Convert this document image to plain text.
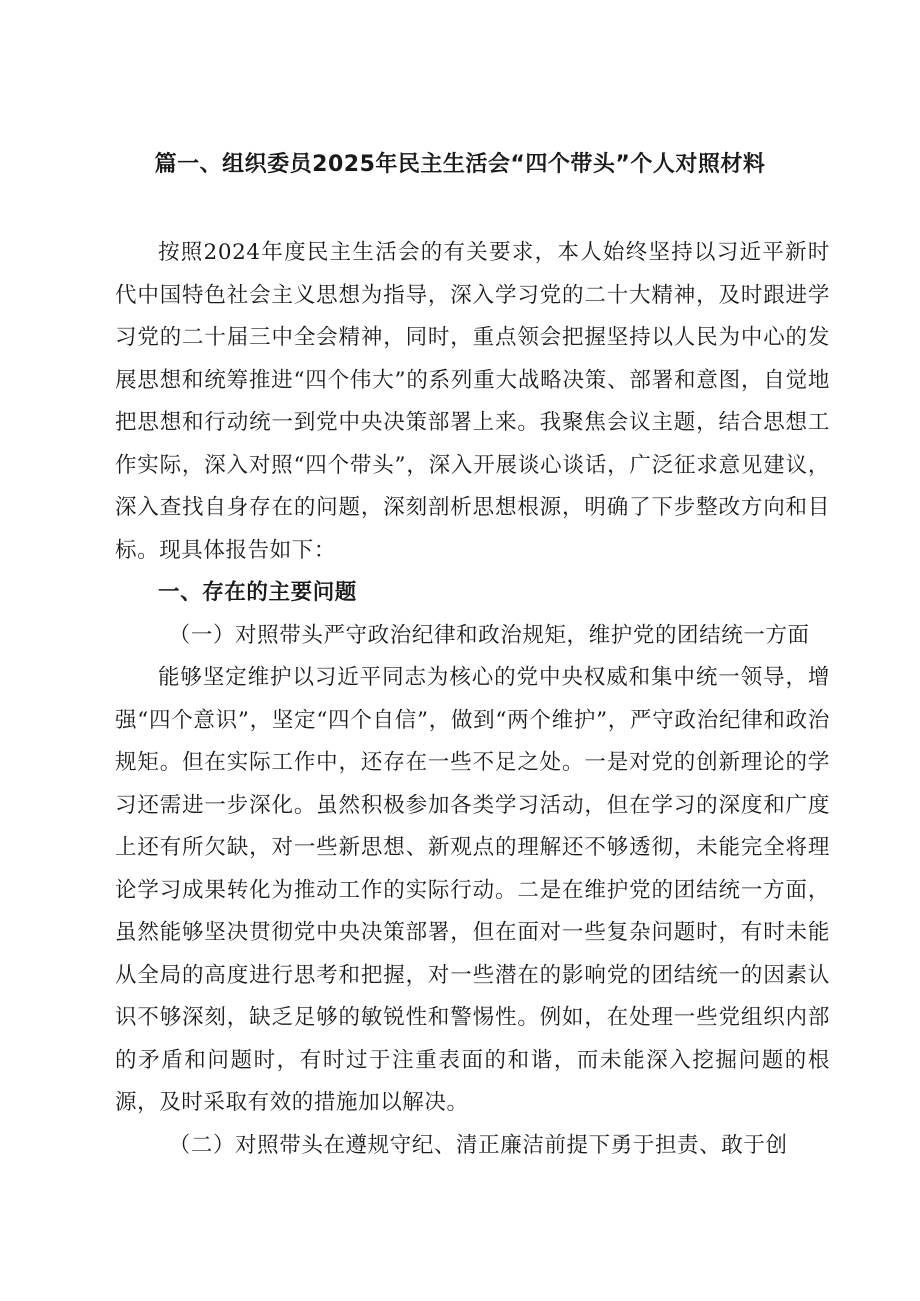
篇一、组织委员2025年民主生活会“四个带头”个人对照材料

按照2024年度民主生活会的有关要求，本人始终坚持以习近平新时代中国特色社会主义思想为指导，深入学习党的二十大精神，及时跟进学习党的二十届三中全会精神，同时，重点领会把握坚持以人民为中心的发展思想和统筹推进“四个伟大”的系列重大战略决策、部署和意图，自觉地把思想和行动统一到党中央决策部署上来。我聚焦会议主题，结合思想工作实际，深入对照“四个带头”，深入开展谈心谈话，广泛征求意见建议，深入查找自身存在的问题，深刻剖析思想根源，明确了下步整改方向和目标。现具体报告如下：

一、存在的主要问题

（一）对照带头严守政治纪律和政治规矩，维护党的团结统一⽅面

能够坚定维护以习近平同志为核心的党中央权威和集中统一领导，增强“四个意识”，坚定“四个自信”，做到“两个维护”，严守政治纪律和政治规矩。但在实际工作中，还存在一些不足之处。一是对党的创新理论的学习还需进一步深化。虽然积极参加各类学习活动，但在学习的深度和广度上还有所欠缺，对一些新思想、新观点的理解还不够透彻，未能完全将理论学习成果转化为推动工作的实际行动。二是在维护党的团结统一方面，虽然能够坚决贯彻党中央决策部署，但在面对一些复杂问题时，有时未能从全局的高度进行思考和把握，对一些潜在的影响党的团结统一的因素认识不够深刻，缺乏足够的敏锐性和警惕性。例如，在处理一些党组织内部的矛盾和问题时，有时过于注重表面的和谐，而未能深入挖掘问题的根源，及时采取有效的措施加以解决。

（二）对照带头在遵规守纪、清正廉洁前提下勇于担责、敢于创
